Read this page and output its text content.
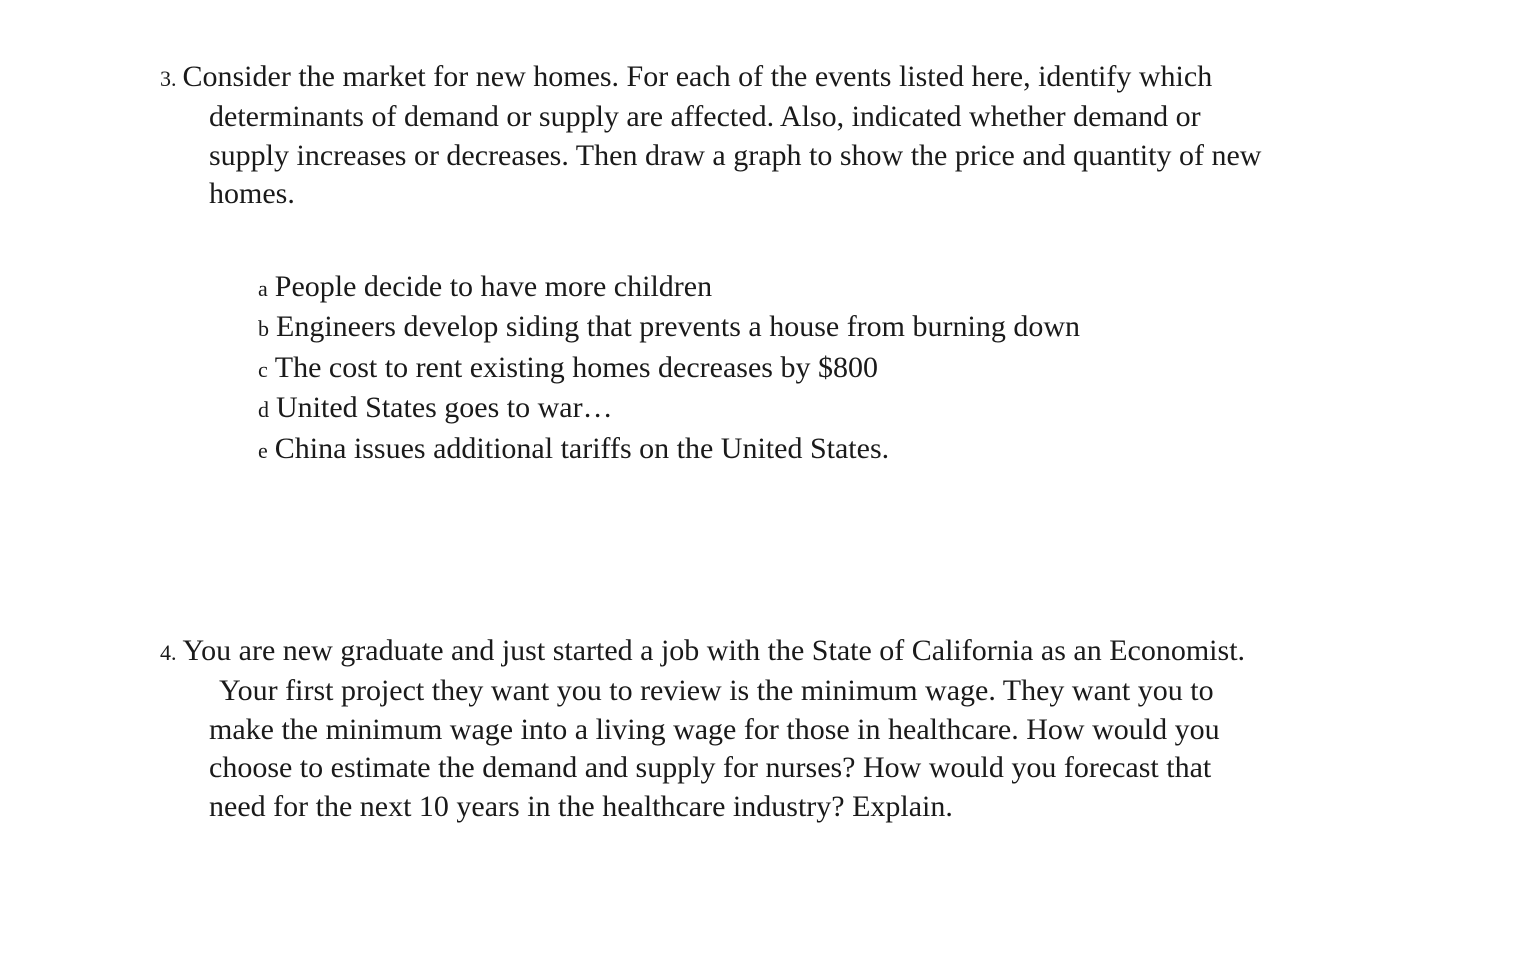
3. Consider the market for new homes. For each of the events listed here, identify which
determinants of demand or supply are affected. Also, indicated whether demand or
supply increases or decreases. Then draw a graph to show the price and quantity of new
homes.
a People decide to have more children
b Engineers develop siding that prevents a house from burning down
c The cost to rent existing homes decreases by $800
d United States goes to war…
e China issues additional tariffs on the United States.
4. You are new graduate and just started a job with the State of California as an Economist.
Your first project they want you to review is the minimum wage. They want you to
make the minimum wage into a living wage for those in healthcare. How would you
choose to estimate the demand and supply for nurses? How would you forecast that
need for the next 10 years in the healthcare industry? Explain.
